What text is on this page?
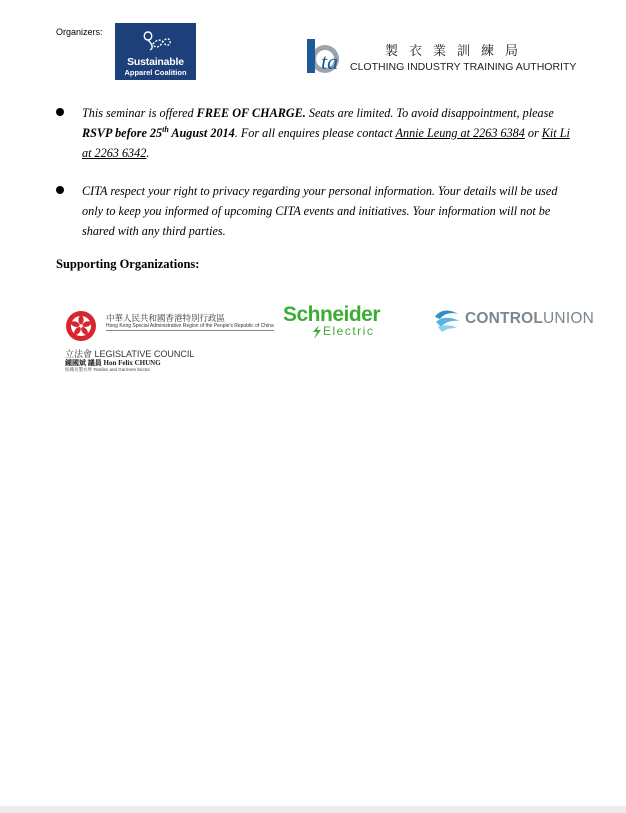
Organizers:
Sustainable
Apparel Coalition	ta	製衣業訓練局
CLOTHING INDUSTRY TRAINING AUTHORITY
This seminar is offered FREE OF CHARGE. Seats are limited. To avoid disappointment, please RSVP before 25th August 2014. For all enquires please contact Annie Leung at 2263 6384 or Kit Li at 2263 6342.
CITA respect your right to privacy regarding your personal information. Your details will be used only to keep you informed of upcoming CITA events and initiatives. Your information will not be shared with any third parties.
Supporting Organizations:
中華人民共和國香港特別行政區
Hong Kong Special Administrative Region of the People's Republic of China
立法會 LEGISLATIVE COUNCIL
鍾國斌 議員 Hon Felix CHUNG
紡織及製衣界 Textiles and Garment Sector
Schneider
Electric
CONTROLUNION
